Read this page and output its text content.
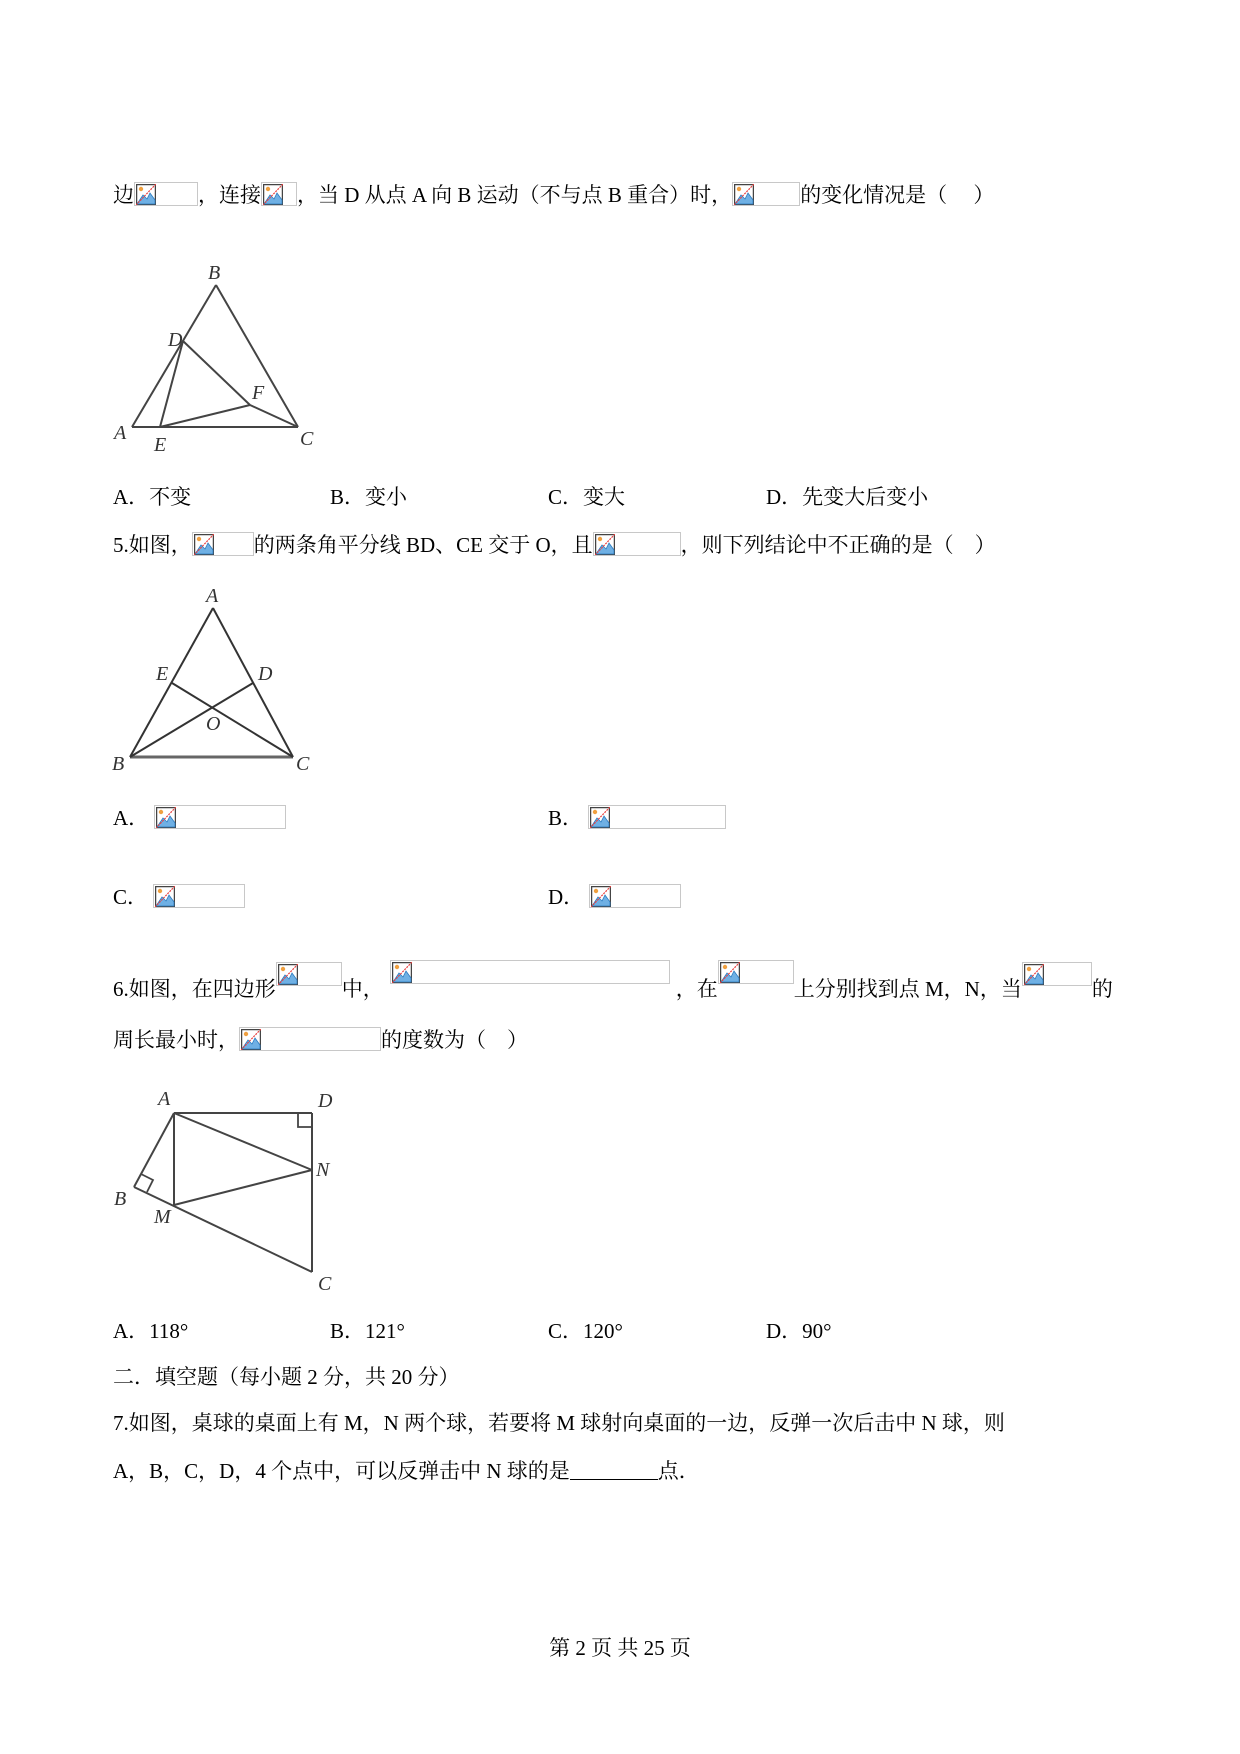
边	，连接 ，当 D 从点 A 向 B 运动（不与点 B 重合）时，	的变化情况是（　 ）
B
D
F
A
E	C
A．不变	B．变小	C．变大	D．先变大后变小
5.如图，	的两条角平分线 BD、CE 交于 O，且	，则下列结论中不正确的是（　）
A
E	D
O
B	C
A．	B．
C．	D．
6.如图，在四边形	中，	，在	上分别找到点 M，N，当	的
周长最小时，	的度数为（　）
A	D
N
B
M
C
A．118°	B．121°	C．120°	D．90°
二．填空题（每小题 2 分，共 20 分）
7.如图，桌球的桌面上有 M，N 两个球，若要将 M 球射向桌面的一边，反弹一次后击中 N 球，则
A，B，C，D，4 个点中，可以反弹击中 N 球的是	点．
第 2 页 共 25 页
